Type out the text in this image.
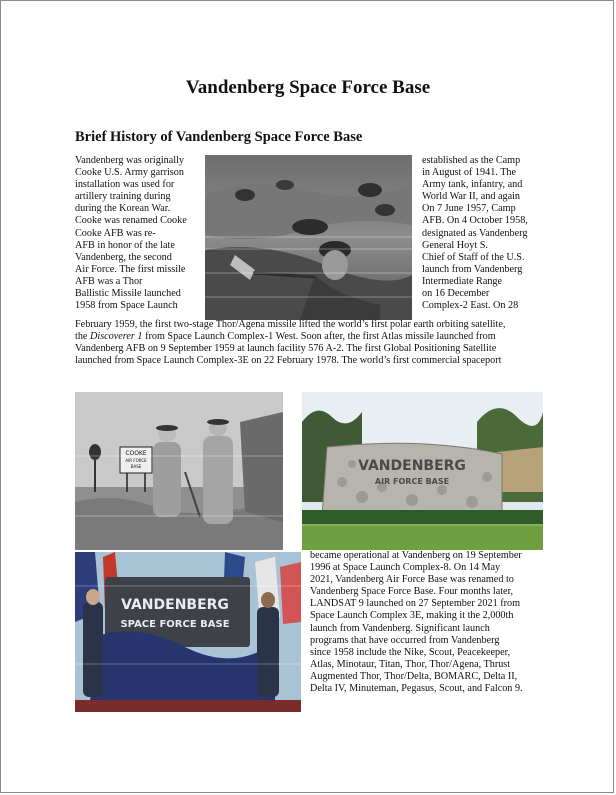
Vandenberg Space Force Base
Brief History of Vandenberg Space Force Base
Vandenberg was originally
Cooke U.S. Army garrison
installation was used for
artillery training during
during the Korean War.
Cooke was renamed Cooke
Cooke AFB was re-
AFB in honor of the late
Vandenberg, the second
Air Force. The first missile
AFB was a Thor
Ballistic Missile launched
1958 from Space Launch
established as the Camp
in August of 1941. The
Army tank, infantry, and
World War II, and again
On 7 June 1957, Camp
AFB. On 4 October 1958,
designated as Vandenberg
General Hoyt S.
Chief of Staff of the U.S.
launch from Vandenberg
Intermediate Range
on 16 December
Complex-2 East. On 28
February 1959, the first two-stage Thor/Agena missile lifted the world’s first polar earth orbiting satellite,
the Discoverer 1 from Space Launch Complex-1 West. Soon after, the first Atlas missile launched from
Vandenberg AFB on 9 September 1959 at launch facility 576 A-2. The first Global Positioning Satellite
launched from Space Launch Complex-3E on 22 February 1978. The world’s first commercial spaceport
COOKE
AIR FORCE
BASE	VANDENBERG
AIR FORCE BASE
VANDENBERG
SPACE FORCE BASE
became operational at Vandenberg on 19 September
1996 at Space Launch Complex-8. On 14 May
2021, Vandenberg Air Force Base was renamed to
Vandenberg Space Force Base. Four months later,
LANDSAT 9 launched on 27 September 2021 from
Space Launch Complex 3E, making it the 2,000th
launch from Vandenberg. Significant launch
programs that have occurred from Vandenberg
since 1958 include the Nike, Scout, Peacekeeper,
Atlas, Minotaur, Titan, Thor, Thor/Agena, Thrust
Augmented Thor, Thor/Delta, BOMARC, Delta II,
Delta IV, Minuteman, Pegasus, Scout, and Falcon 9.
